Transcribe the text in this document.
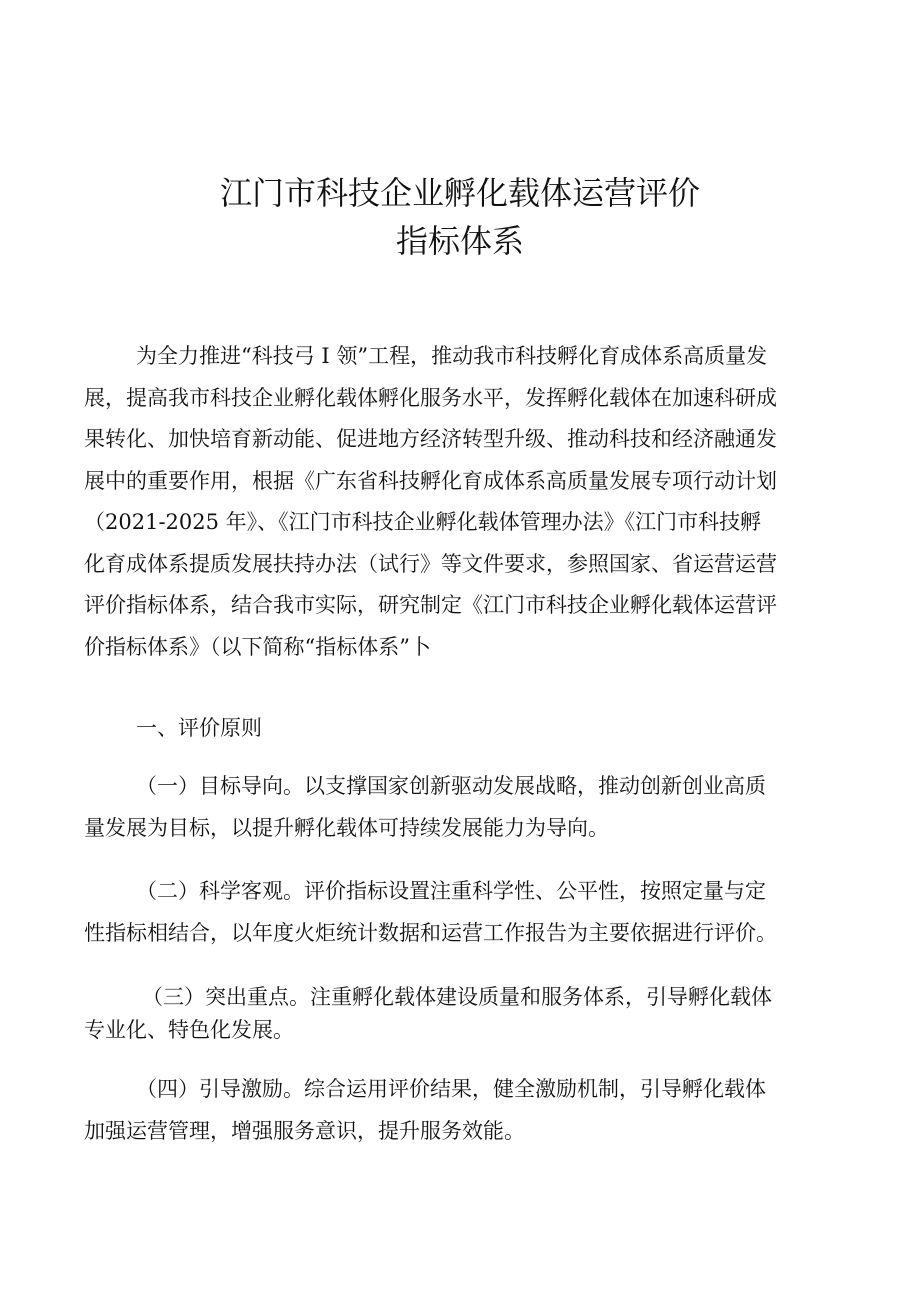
江门市科技企业孵化载体运营评价
指标体系
为全力推进“科技弓 I 领”工程，推动我市科技孵化育成体系高质量发
展，提高我市科技企业孵化载体孵化服务水平，发挥孵化载体在加速科研成
果转化、加快培育新动能、促进地方经济转型升级、推动科技和经济融通发
展中的重要作用，根据《广东省科技孵化育成体系高质量发展专项行动计划
（2021-2025 年》、《江门市科技企业孵化载体管理办法》《江门市科技孵
化育成体系提质发展扶持办法（试行》等文件要求，参照国家、省运营运营
评价指标体系，结合我市实际，研究制定《江门市科技企业孵化载体运营评
价指标体系》（以下简称“指标体系”卜
一、评价原则
（一）目标导向。以支撑国家创新驱动发展战略，推动创新创业高质
量发展为目标，以提升孵化载体可持续发展能力为导向。
（二）科学客观。评价指标设置注重科学性、公平性，按照定量与定
性指标相结合，以年度火炬统计数据和运营工作报告为主要依据进行评价。
（三）突出重点。注重孵化载体建设质量和服务体系，引导孵化载体
专业化、特色化发展。
（四）引导激励。综合运用评价结果，健全激励机制，引导孵化载体
加强运营管理，增强服务意识，提升服务效能。
